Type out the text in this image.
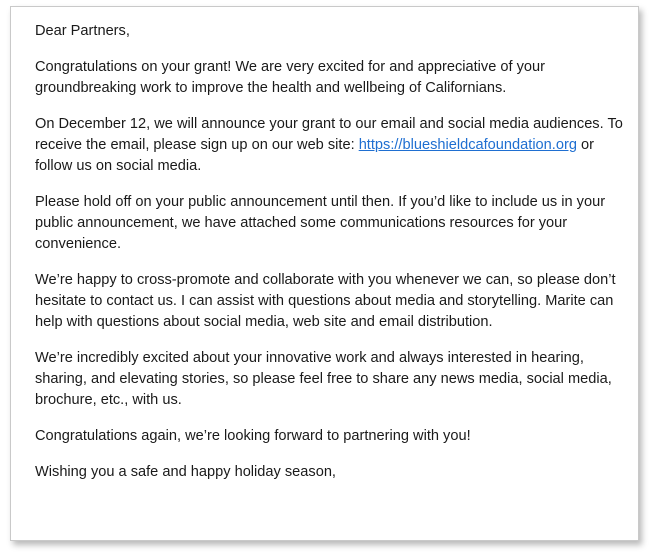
Dear Partners,

Congratulations on your grant! We are very excited for and appreciative of your groundbreaking work to improve the health and wellbeing of Californians.

On December 12, we will announce your grant to our email and social media audiences. To receive the email, please sign up on our web site: https://blueshieldcafoundation.org or follow us on social media.

Please hold off on your public announcement until then. If you’d like to include us in your public announcement, we have attached some communications resources for your convenience.

We’re happy to cross-promote and collaborate with you whenever we can, so please don’t hesitate to contact us. I can assist with questions about media and storytelling. Marite can help with questions about social media, web site and email distribution.

We’re incredibly excited about your innovative work and always interested in hearing, sharing, and elevating stories, so please feel free to share any news media, social media, brochure, etc., with us.

Congratulations again, we’re looking forward to partnering with you!

Wishing you a safe and happy holiday season,
